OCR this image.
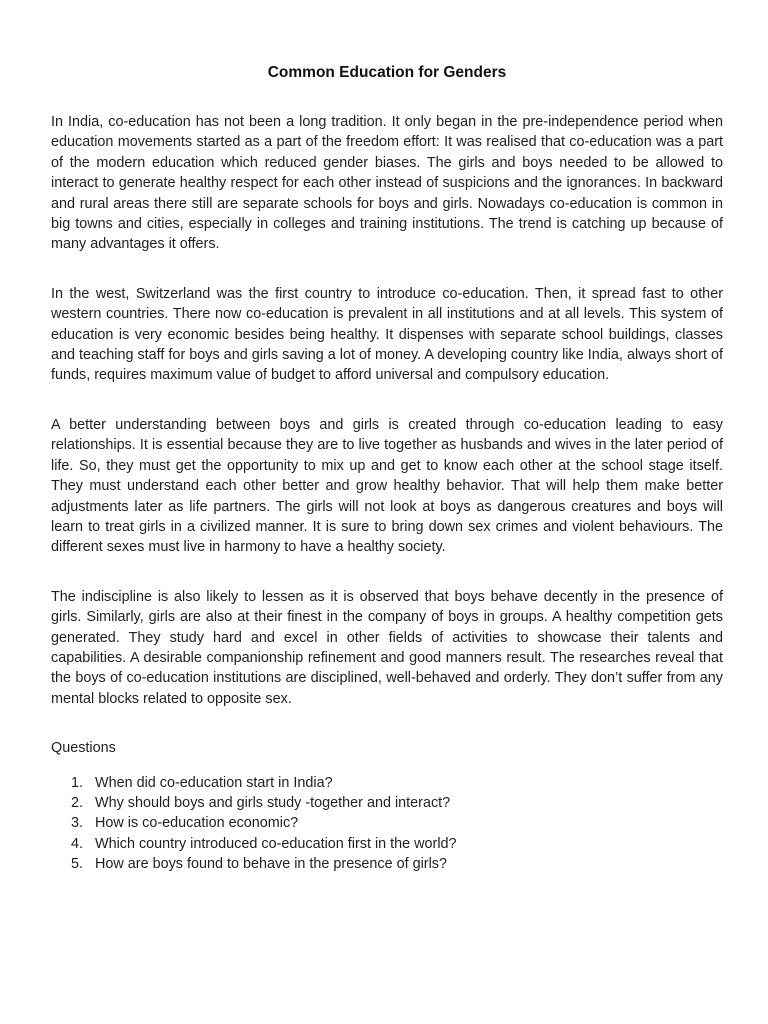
Common Education for Genders

In India, co-education has not been a long tradition. It only began in the pre-independence period when education movements started as a part of the freedom effort: It was realised that co-education was a part of the modern education which reduced gender biases. The girls and boys needed to be allowed to interact to generate healthy respect for each other instead of suspicions and the ignorances. In backward and rural areas there still are separate schools for boys and girls. Nowadays co-education is common in big towns and cities, especially in colleges and training institutions. The trend is catching up because of many advantages it offers.

In the west, Switzerland was the first country to introduce co-education. Then, it spread fast to other western countries. There now co-education is prevalent in all institutions and at all levels. This system of education is very economic besides being healthy. It dispenses with separate school buildings, classes and teaching staff for boys and girls saving a lot of money. A developing country like India, always short of funds, requires maximum value of budget to afford universal and compulsory education.

A better understanding between boys and girls is created through co-education leading to easy relationships. It is essential because they are to live together as husbands and wives in the later period of life. So, they must get the opportunity to mix up and get to know each other at the school stage itself. They must understand each other better and grow healthy behavior. That will help them make better adjustments later as life partners. The girls will not look at boys as dangerous creatures and boys will learn to treat girls in a civilized manner. It is sure to bring down sex crimes and violent behaviours. The different sexes must live in harmony to have a healthy society.

The indiscipline is also likely to lessen as it is observed that boys behave decently in the presence of girls. Similarly, girls are also at their finest in the company of boys in groups. A healthy competition gets generated. They study hard and excel in other fields of activities to showcase their talents and capabilities. A desirable companionship refinement and good manners result. The researches reveal that the boys of co-education institutions are disciplined, well-behaved and orderly. They don’t suffer from any mental blocks related to opposite sex.

Questions
1. When did co-education start in India?
2. Why should boys and girls study -together and interact?
3. How is co-education economic?
4. Which country introduced co-education first in the world?
5. How are boys found to behave in the presence of girls?
